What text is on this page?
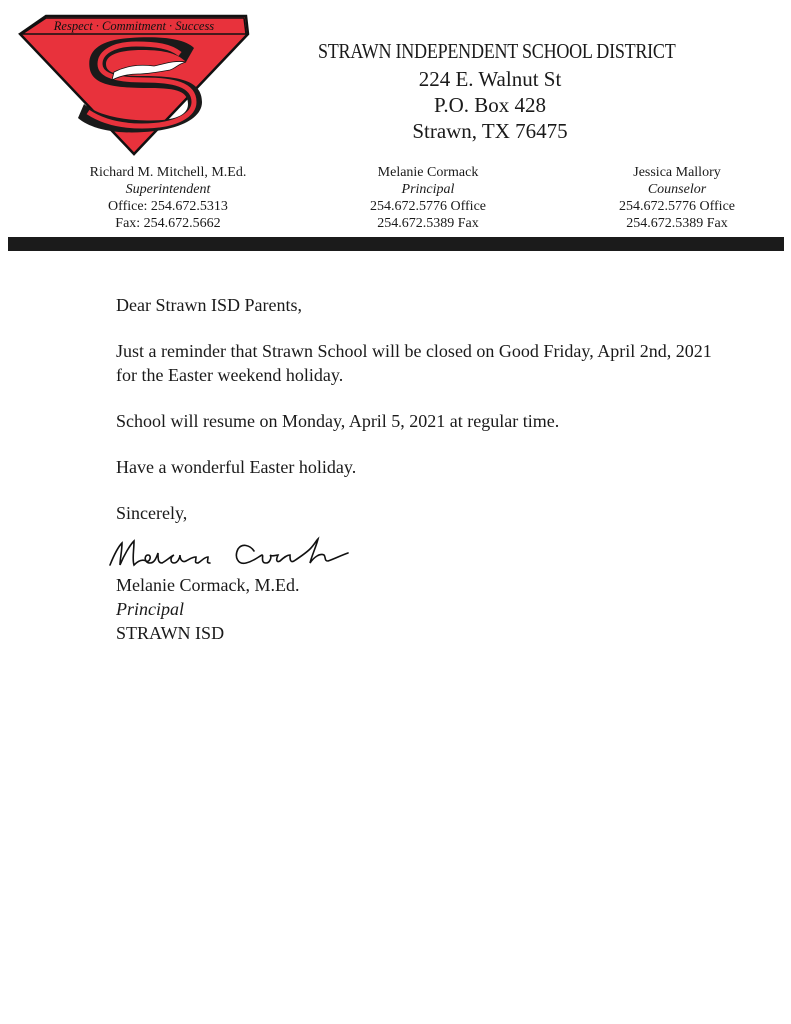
Respect · Commitment · Success
STRAWN INDEPENDENT SCHOOL DISTRICT
224 E. Walnut St
P.O. Box 428
Strawn, TX 76475
Richard M. Mitchell, M.Ed.
Superintendent
Office: 254.672.5313
Fax: 254.672.5662
Melanie Cormack
Principal
254.672.5776 Office
254.672.5389 Fax
Jessica Mallory
Counselor
254.672.5776 Office
254.672.5389 Fax

Dear Strawn ISD Parents,

Just a reminder that Strawn School will be closed on Good Friday, April 2nd, 2021 for the Easter weekend holiday.

School will resume on Monday, April 5, 2021 at regular time.

Have a wonderful Easter holiday.

Sincerely,

Melanie Cormack, M.Ed.

Principal

STRAWN ISD
